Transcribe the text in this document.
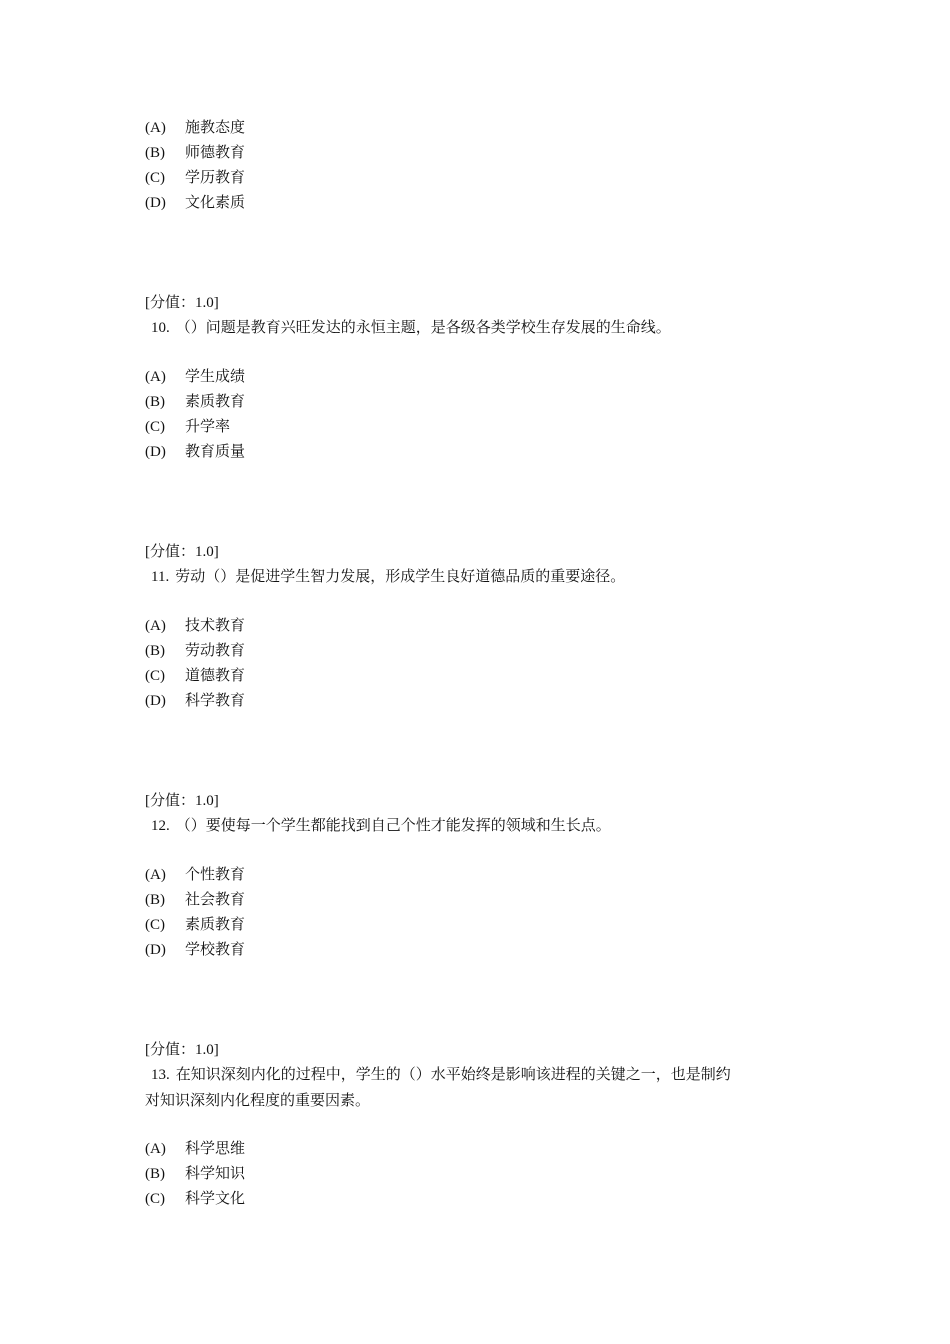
(A) 施教态度
(B) 师德教育
(C) 学历教育
(D) 文化素质
[分值：1.0]
10. （）问题是教育兴旺发达的永恒主题，是各级各类学校生存发展的生命线。
(A) 学生成绩
(B) 素质教育
(C) 升学率
(D) 教育质量
[分值：1.0]
11. 劳动（）是促进学生智力发展，形成学生良好道德品质的重要途径。
(A) 技术教育
(B) 劳动教育
(C) 道德教育
(D) 科学教育
[分值：1.0]
12. （）要使每一个学生都能找到自己个性才能发挥的领域和生长点。
(A) 个性教育
(B) 社会教育
(C) 素质教育
(D) 学校教育
[分值：1.0]
13. 在知识深刻内化的过程中，学生的（）水平始终是影响该进程的关键之一，也是制约
对知识深刻内化程度的重要因素。
(A) 科学思维
(B) 科学知识
(C) 科学文化
